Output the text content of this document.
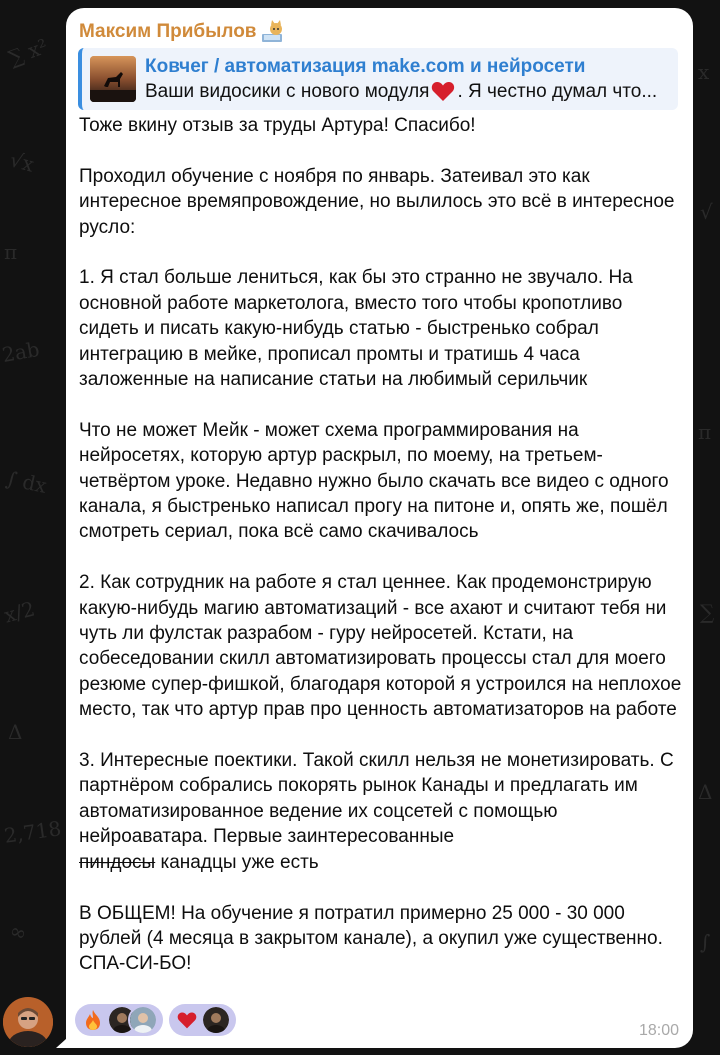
∑ x²
√x
π
2ab
∫ dx
x/2
Δ
2,718
∞
x
√
π
∑
Δ
∫
Максим Прибылов
Ковчег / автоматизация make.com и нейросети
Ваши видосики с нового модуля . Я честно думал что...

Тоже вкину отзыв за труды Артура! Спасибо!

Проходил обучение с ноября по январь. Затеивал это как интересное времяпровождение, но вылилось это всё в интересное русло:

1. Я стал больше лениться, как бы это странно не звучало. На основной работе маркетолога, вместо того чтобы кропотливо сидеть и писать какую-нибудь статью - быстренько собрал интеграцию в мейке, прописал промты и тратишь 4 часа заложенные на написание статьи на любимый серильчик

Что не может Мейк - может схема программирования на нейросетях, которую артур раскрыл, по моему, на третьем-четвёртом уроке. Недавно нужно было скачать все видео с одного канала, я быстренько написал прогу на питоне и, опять же, пошёл смотреть сериал, пока всё само скачивалось

2. Как сотрудник на работе я стал ценнее. Как продемонстрирую какую-нибудь магию автоматизаций - все ахают и считают тебя ни чуть ли фулстак разрабом - гуру нейросетей. Кстати, на собеседовании скилл автоматизировать процессы стал для моего резюме супер-фишкой, благодаря которой я устроился на неплохое место, так что артур прав про ценность автоматизаторов на работе

3. Интересные поектики. Такой скилл нельзя не монетизировать. С партнёром собрались покорять рынок Канады и предлагать им автоматизированное ведение их соцсетей с помощью нейроаватара. Первые заинтересованные
пиндосы канадцы уже есть

В ОБЩЕМ! На обучение я потратил примерно 25 000 - 30 000 рублей (4 месяца в закрытом канале), а окупил уже существенно. СПА-СИ-БО!

18:00
